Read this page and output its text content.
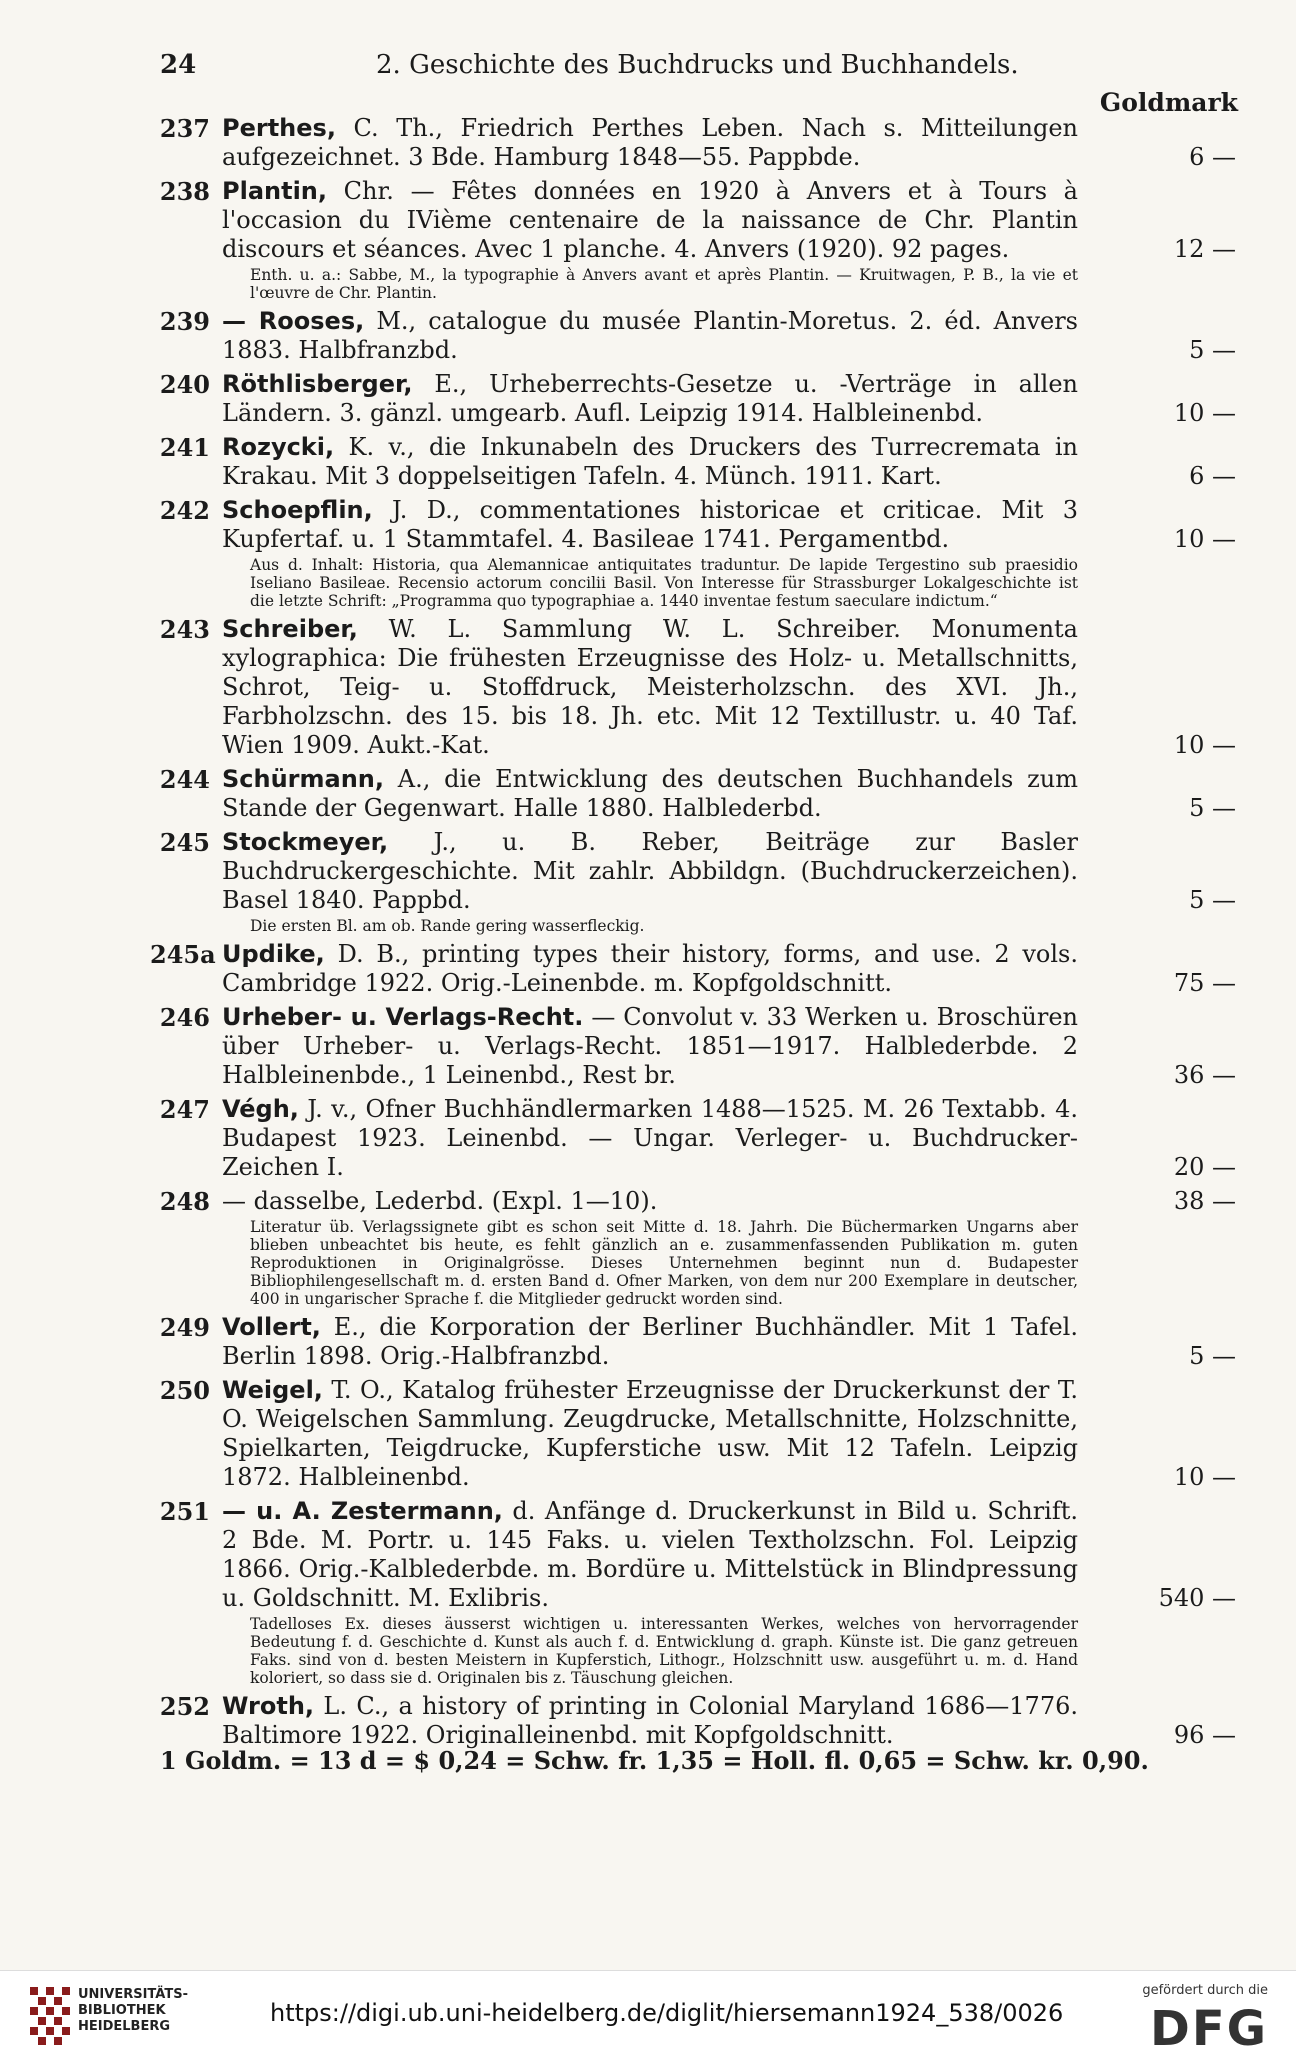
24	2. Geschichte des Buchdrucks und Buchhandels.
Goldmark
237 Perthes, C. Th., Friedrich Perthes Leben. Nach s. Mitteilungen aufgezeichnet. 3 Bde. Hamburg 1848—55. Pappbde.	6 —
238 Plantin, Chr. — Fêtes données en 1920 à Anvers et à Tours à l'occasion du IVième centenaire de la naissance de Chr. Plantin discours et séances. Avec 1 planche. 4. Anvers (1920). 92 pages.	12 —
Enth. u. a.: Sabbe, M., la typographie à Anvers avant et après Plantin. — Kruitwagen, P. B., la vie et l'œuvre de Chr. Plantin.
239 — Rooses, M., catalogue du musée Plantin-Moretus. 2. éd. Anvers 1883. Halbfranzbd.	5 —
240 Röthlisberger, E., Urheberrechts-Gesetze u. -Verträge in allen Ländern. 3. gänzl. umgearb. Aufl. Leipzig 1914. Halbleinenbd.	10 —
241 Rozycki, K. v., die Inkunabeln des Druckers des Turrecremata in Krakau. Mit 3 doppelseitigen Tafeln. 4. Münch. 1911. Kart.	6 —
242 Schoepflin, J. D., commentationes historicae et criticae. Mit 3 Kupfertaf. u. 1 Stammtafel. 4. Basileae 1741. Pergamentbd.	10 —
Aus d. Inhalt: Historia, qua Alemannicae antiquitates traduntur. De lapide Tergestino sub praesidio Iseliano Basileae. Recensio actorum concilii Basil. Von Interesse für Strassburger Lokalgeschichte ist die letzte Schrift: „Programma quo typographiae a. 1440 inventae festum saeculare indictum.“
243 Schreiber, W. L. Sammlung W. L. Schreiber. Monumenta xylographica: Die frühesten Erzeugnisse des Holz- u. Metallschnitts, Schrot, Teig- u. Stoffdruck, Meisterholzschn. des XVI. Jh., Farbholzschn. des 15. bis 18. Jh. etc. Mit 12 Textillustr. u. 40 Taf. Wien 1909. Aukt.-Kat.	10 —
244 Schürmann, A., die Entwicklung des deutschen Buchhandels zum Stande der Gegenwart. Halle 1880. Halblederbd.	5 —
245 Stockmeyer, J., u. B. Reber, Beiträge zur Basler Buchdruckergeschichte. Mit zahlr. Abbildgn. (Buchdruckerzeichen). Basel 1840. Pappbd.	5 —
Die ersten Bl. am ob. Rande gering wasserfleckig.
245a Updike, D. B., printing types their history, forms, and use. 2 vols. Cambridge 1922. Orig.-Leinenbde. m. Kopfgoldschnitt.	75 —
246 Urheber- u. Verlags-Recht. — Convolut v. 33 Werken u. Broschüren über Urheber- u. Verlags-Recht. 1851—1917. Halblederbde. 2 Halbleinenbde., 1 Leinenbd., Rest br.	36 —
247 Végh, J. v., Ofner Buchhändlermarken 1488—1525. M. 26 Textabb. 4. Budapest 1923. Leinenbd. — Ungar. Verleger- u. Buchdrucker-Zeichen I.	20 —
248 — dasselbe, Lederbd. (Expl. 1—10).	38 —
Literatur üb. Verlagssignete gibt es schon seit Mitte d. 18. Jahrh. Die Büchermarken Ungarns aber blieben unbeachtet bis heute, es fehlt gänzlich an e. zusammenfassenden Publikation m. guten Reproduktionen in Originalgrösse. Dieses Unternehmen beginnt nun d. Budapester Bibliophilengesellschaft m. d. ersten Band d. Ofner Marken, von dem nur 200 Exemplare in deutscher, 400 in ungarischer Sprache f. die Mitglieder gedruckt worden sind.
249 Vollert, E., die Korporation der Berliner Buchhändler. Mit 1 Tafel. Berlin 1898. Orig.-Halbfranzbd.	5 —
250 Weigel, T. O., Katalog frühester Erzeugnisse der Druckerkunst der T. O. Weigelschen Sammlung. Zeugdrucke, Metallschnitte, Holzschnitte, Spielkarten, Teigdrucke, Kupferstiche usw. Mit 12 Tafeln. Leipzig 1872. Halbleinenbd.	10 —
251 — u. A. Zestermann, d. Anfänge d. Druckerkunst in Bild u. Schrift. 2 Bde. M. Portr. u. 145 Faks. u. vielen Textholzschn. Fol. Leipzig 1866. Orig.-Kalblederbde. m. Bordüre u. Mittelstück in Blindpressung u. Goldschnitt. M. Exlibris.	540 —
Tadelloses Ex. dieses äusserst wichtigen u. interessanten Werkes, welches von hervorragender Bedeutung f. d. Geschichte d. Kunst als auch f. d. Entwicklung d. graph. Künste ist. Die ganz getreuen Faks. sind von d. besten Meistern in Kupferstich, Lithogr., Holzschnitt usw. ausgeführt u. m. d. Hand koloriert, so dass sie d. Originalen bis z. Täuschung gleichen.
252 Wroth, L. C., a history of printing in Colonial Maryland 1686—1776. Baltimore 1922. Originalleinenbd. mit Kopfgoldschnitt.	96 —
1 Goldm. = 13 d = $ 0,24 = Schw. fr. 1,35 = Holl. fl. 0,65 = Schw. kr. 0,90.
UNIVERSITÄTS-
BIBLIOTHEK
HEIDELBERG	https://digi.ub.uni-heidelberg.de/diglit/hiersemann1924_538/0026
gefördert durch die
DFG
